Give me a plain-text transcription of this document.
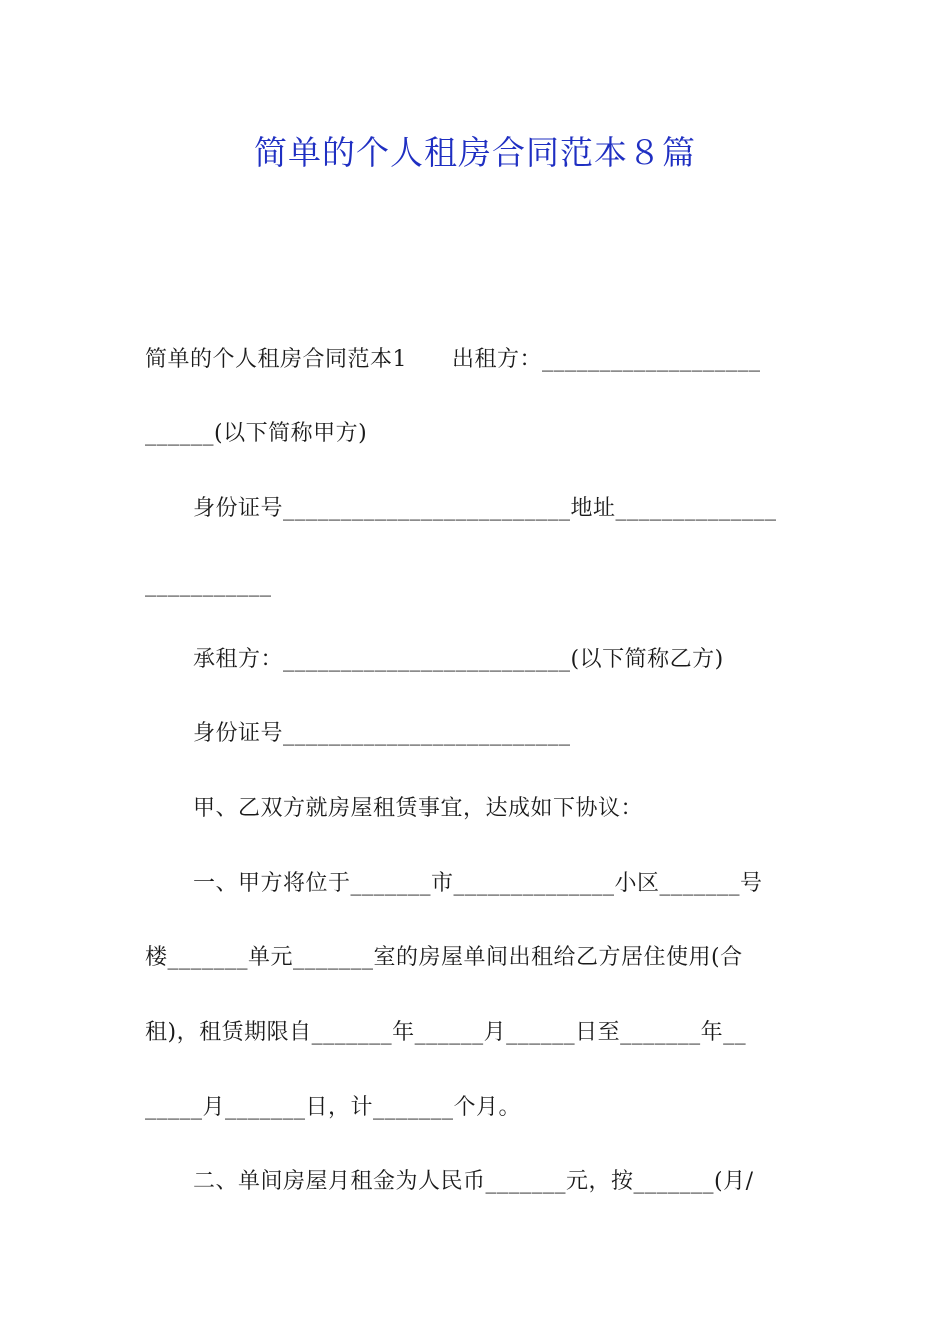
简单的个人租房合同范本８篇
简单的个人租房合同范本1　　出租方：___________________
______(以下简称甲方)
身份证号_________________________地址______________
___________
承租方：_________________________(以下简称乙方)
身份证号_________________________
甲、乙双方就房屋租赁事宜，达成如下协议：
一、甲方将位于_______市______________小区_______号
楼_______单元_______室的房屋单间出租给乙方居住使用(合
租)，租赁期限自_______年______月______日至_______年__
_____月_______日，计_______个月。
二、单间房屋月租金为人民币_______元，按_______(月/
